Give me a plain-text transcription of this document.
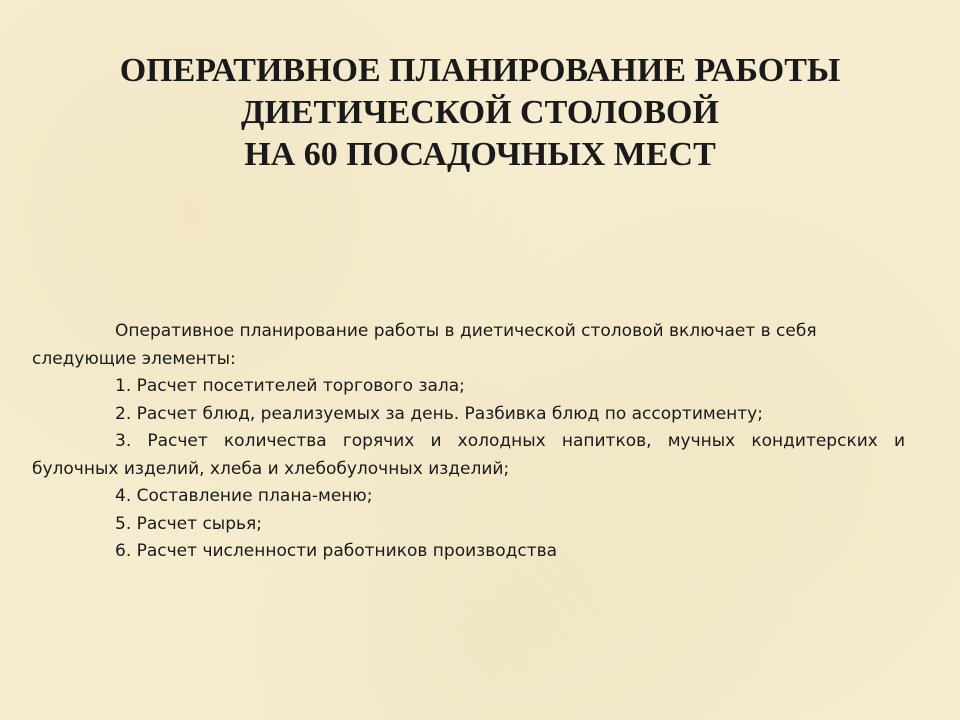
ОПЕРАТИВНОЕ ПЛАНИРОВАНИЕ РАБОТЫ
ДИЕТИЧЕСКОЙ СТОЛОВОЙ
НА 60 ПОСАДОЧНЫХ МЕСТ

Оперативное планирование работы в диетической столовой включает в себя

следующие элементы:

1. Расчет посетителей торгового зала;

2. Расчет блюд, реализуемых за день. Разбивка блюд по ассортименту;

3. Расчет количества горячих и холодных напитков, мучных кондитерских и

булочных изделий, хлеба и хлебобулочных изделий;

4. Составление плана-меню;

5. Расчет сырья;

6. Расчет численности работников производства
